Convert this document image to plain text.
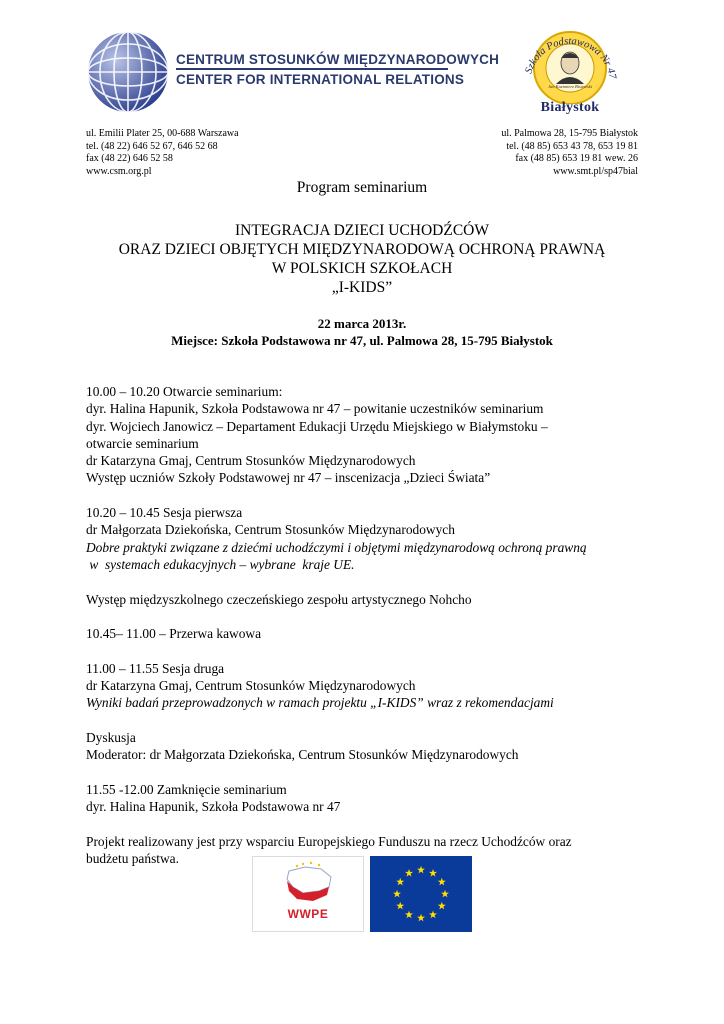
CENTRUM STOSUNKÓW MIĘDZYNARODOWYCH
CENTER FOR INTERNATIONAL RELATIONS
Szkoła Podstawowa Nr 47
Jan Kazimierz Bisiewski
Białystok
ul. Emilii Plater 25, 00-688 Warszawa
tel. (48 22) 646 52 67, 646 52 68
fax (48 22) 646 52 58
www.csm.org.pl
ul. Palmowa 28, 15-795 Białystok
tel. (48 85) 653 43 78, 653 19 81
fax (48 85) 653 19 81 wew. 26
www.smt.pl/sp47bial
Program seminarium
INTEGRACJA DZIECI UCHODŹCÓW
ORAZ DZIECI OBJĘTYCH MIĘDZYNARODOWĄ OCHRONĄ PRAWNĄ
W POLSKICH SZKOŁACH
„I-KIDS”
22 marca 2013r.
Miejsce: Szkoła Podstawowa nr 47, ul. Palmowa 28, 15-795 Białystok
10.00 – 10.20 Otwarcie seminarium:
dyr. Halina Hapunik, Szkoła Podstawowa nr 47 – powitanie uczestników seminarium
dyr. Wojciech Janowicz – Departament Edukacji Urzędu Miejskiego w Białymstoku –
otwarcie seminarium
dr Katarzyna Gmaj, Centrum Stosunków Międzynarodowych
Występ uczniów Szkoły Podstawowej nr 47 – inscenizacja „Dzieci Świata”
10.20 – 10.45 Sesja pierwsza
dr Małgorzata Dziekońska, Centrum Stosunków Międzynarodowych
Dobre praktyki związane z dziećmi uchodźczymi i objętymi międzynarodową ochroną prawną
w  systemach edukacyjnych – wybrane  kraje UE.
Występ międzyszkolnego czeczeńskiego zespołu artystycznego Nohcho
10.45– 11.00 – Przerwa kawowa
11.00 – 11.55 Sesja druga
dr Katarzyna Gmaj, Centrum Stosunków Międzynarodowych
Wyniki badań przeprowadzonych w ramach projektu „I-KIDS” wraz z rekomendacjami
Dyskusja
Moderator: dr Małgorzata Dziekońska, Centrum Stosunków Międzynarodowych
11.55 -12.00 Zamknięcie seminarium
dyr. Halina Hapunik, Szkoła Podstawowa nr 47
Projekt realizowany jest przy wsparciu Europejskiego Funduszu na rzecz Uchodźców oraz
budżetu państwa.
WWPE
